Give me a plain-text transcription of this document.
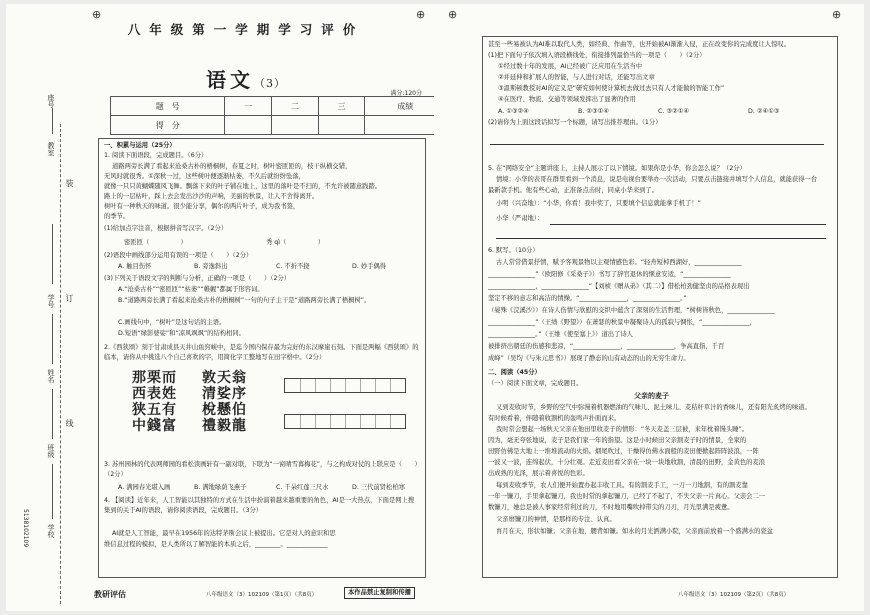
⊕	⊕
八年级第一学期学习评价
语文（3）
满分:120分
题　号	一	二	三	成绩
得　分				
座号
教室
学号
姓名
班级
学校
装
订
线
5138102109
一、积累与运用（25分）
1. 阅读下面语段，完成题目。（6分）
道路两旁长满了看起来沧桑古朴的梧桐树，春夏之时，树叶密匝匝的，枝干纵横交错，
无风时就很秀。①深秋一过，这些树叶便逐渐枯萎，不久后就纷纷坠落，
就像一只只黄蝴蝶随风飞舞。飘落下来的叶子铺在地上，这里的落叶是不扫的，不允许被随意践踏。
路上的一层枯叶，踩上去会发出沙沙的声响，美丽的秋景，让人不舍得离开。
树叶有一种秋天的味道。很少能分享，偶尔的两片叶子，成为我书签，
的季节。
(1)给加点字注音，根据拼音写汉字。（2分）
密匝匝（　　　　　）	秀 qì（　　　　　）
(2)语段中画线部分运用有误的一项是（　　）（2分）
A. 触目伤怀	B. 旁逸斜出	C. 不折不挠	D. 妙手偶得
(3)下列关于语段文字的判断与分析，正确的一项是（　　）（2分）
A.“沧桑古朴”“密匝匝”“枯萎”“帷幄”都属于形容词。
B.“道路两旁长满了看起来沧桑古朴的梧桐树”一句的句子主干是“道路两旁长满了梧桐树”。
C.画线句中，“树叶”是这句话的主语。
D.短语“绿影婆娑”和“凉风飒飒”的结构相同。
2.《西狭颂》刻于甘肃成县天井山鱼窍峡中，是迄今国内保存最为完好的东汉摩崖石刻。下面是两幅《西狭颂》的临本，请你从中挑选八个自己喜欢的字，用简化字工整地写在田字格中。（2分）
那栗而西表姓狭五有中錢富
敦天翁清娑序梲懸伯禮毅龍
3. 苏州园林的代表网师园的看松读画轩有一副对联，下联为“一窗晴雪暮梅花”，与之构成对仗的上联应是（　　）（2分）
A. 满园春光堪入画	B. 满地绿荫飞燕子	C. 千朵红莲三尺水	D. 三代前贤松柏寒
4. 【阅读】近年来，人工智能以其独特的方式在生活中扮演着越来越重要的角色，AI是一大热点，下面是网上搜集到的关于AI的语段，请你阅读语段，完成题目。（3分）
AI就是人工智能，最早在1956年的达特茅斯会议上被提出。它是对人的意识和思
维信息过程的模拟，是人类所以了解智能的本质之后，________。_____________
教研评估	八年级语文（3）102109（第1页）（共8页）	本作品禁止复制和传播
⊕	⊕
甚至一些易被认为AI难以取代人类，如经典、作曲等，也开始被AI渐渐入侵，正在改变你的完成度让人惊叹。
(1)把下面句子依次填入语段横线处，衔接排列最恰当的一项是（　　）（2分）
①经过数十年的发展，AI已经被广泛应用在生活当中
②并延伸和扩展人的智能，与人进行对话，还能写出文章
③温斯顿教授对AI的定义是“研究如何使计算机去做过去只有人才能做的智能工作”
④在医疗、物流、交通等领域发挥出了显著的作用
A. ①③②④	B. ②③①④	C. ③②①④	D. ②④①③
(2)请你为上面这段话拟写一个标题，请写出推荐理由。（1分）
5. 在“网络安全”主题讲座上，主持人展示了以下情境。如果你是小华，你会怎么说？（2分）
情境：小华的表哥在群里看到一个消息，说是电视台要举办一次活动，只要点击链接并填写个人信息，就能获得一台
最新款手机。他有些心动，正准备点击时，同桌小华来到了。
小明（兴奋地）：“小华，你看！我中奖了，只要填个信息就能拿手机了！”
小华（严肃地）：
6. 默写。（10分）
古人常常借景抒情，赋予客观景物以主观情感色彩。“轻舟短棹西湖好，_______________
_______________”（欧阳修《采桑子》）书写了辞官退休的惬意安适，“_______________
_______________，_______________”【刘桢《赠从弟》（其二）】借松柏劲健坚贞的品格表现出
坚定不移的意志和高洁的情操。“_______________，_______________。”
（晏殊《浣溪沙》）在诗人伤情与欣慰的交织中蕴含了深刻的生活哲理，“树树皆秋色，_______________
_______________”（王绩《野望》）在萧瑟的秋景中凝聚诗人的孤寂与惆怅，“_______________，
_______________。”（王维《使至塞上》）道出了诗人
被排挤出朝廷的伤感和悲凉，“_______________，_______________，争高直指，千百
成峰”（吴均《与朱元思书》）展现了静态的山有动态的山的无穷生命力。
二、阅读（45分）
（一）阅读下面文章，完成题目。
父亲的麦子
又到麦收时节，乡野的空气中弥漫着机器燃油的气味儿、泥土味儿、麦秸秆草汁的香味儿，还有阳光炙烤的味道。
有时候看着，伴随着收割机的轰鸣声扑面而来。
我时常会想起一场秋天父亲在他田里收麦子的情形：“冬天麦盖三层被，来年枕着馒头睡”。
因为，毫无夸张地说，麦子是我们家一年的指望。这是小时候田父亲割麦子时的情景，全家的
田野仿佛是大地上一堆堆流动的火焰。烟尾吹过，干燥得仿佛水面般的麦田便掀起阵阵波浪，一阵
一波又一波，连绵起伏，十分壮观。走近麦田看父亲在一块一块地收割，清晨的田野，金黄色的麦浪
出成熟的光泽，展示着喜悦的色彩。
每到麦收季节，农人们便开始置办起丰收工具。有的割麦手工，一刀一刀地割，有的割麦靠
一年一镰刀，手里拿起镰刀，我也时常的拿起镰刀，已经了不起了，不失父亲一片真心。父亲会二一
数镰刀，她总是被人事家经常利过的刀，不时地用嘴吹掉带尖的刀刃，月光里满是疲惫。
父亲磨镰刀的神情，是那样的专注、认真。
育月在天，形状如镰；父亲在地，腰背如镰。如水的月光洒满小院，父亲面前放着一个盛满水的瓷盆
八年级语文（3）102109（第2页）（共8页）
